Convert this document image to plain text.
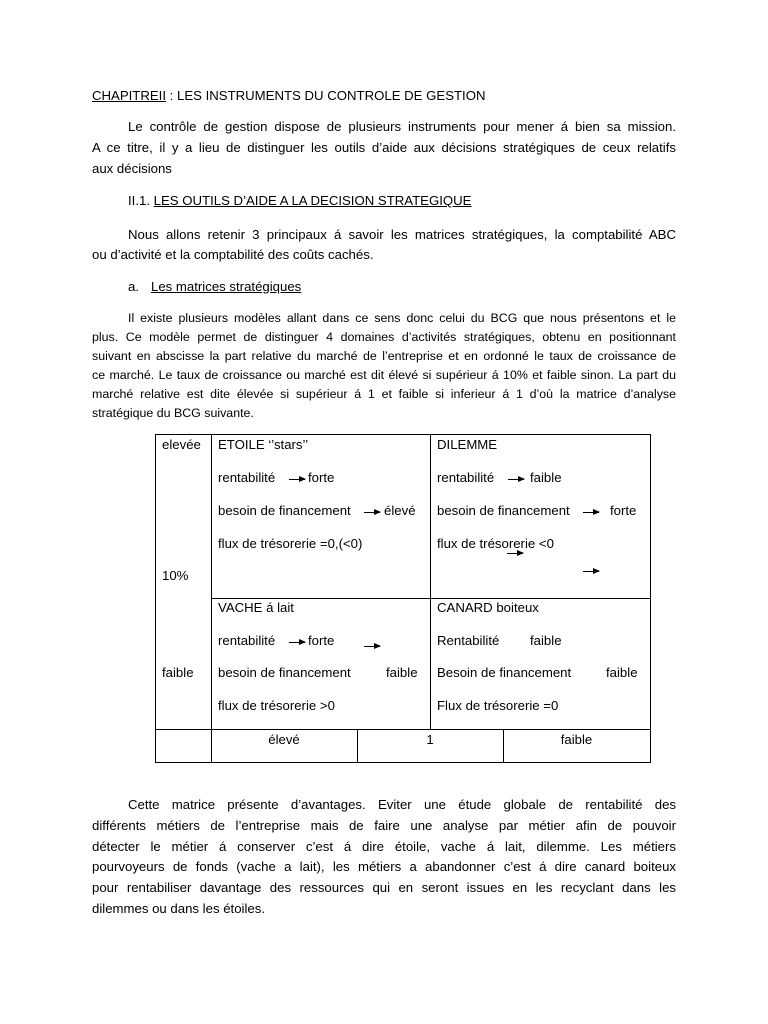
CHAPITREII : LES INSTRUMENTS DU CONTROLE DE GESTION
Le contrôle de gestion dispose de plusieurs instruments pour mener á bien sa mission.
A ce titre, il y a lieu de distinguer les outils d’aide aux décisions stratégiques de ceux relatifs
aux décisions
II.1. LES OUTILS D’AIDE A LA DECISION STRATEGIQUE
Nous allons retenir 3 principaux á savoir les matrices stratégiques, la comptabilité ABC
ou d’activité et la comptabilité des coûts cachés.
a. Les matrices stratégiques
Il existe plusieurs modèles allant dans ce sens donc celui du BCG que nous présentons et le
plus. Ce modèle permet de distinguer 4 domaines d’activités stratégiques, obtenu en positionnant
suivant en abscisse la part relative du marché de l’entreprise et en ordonné le taux de croissance de
ce marché. Le taux de croissance ou marché est dit élevé si supérieur á 10% et faible sinon. La part du
marché relative est dite élevée si supérieur á 1 et faible si inferieur á 1 d’où la matrice d’analyse
stratégique du BCG suivante.
elevée
10%
faible
ETOILE ‘’stars’’
rentabilité forte
besoin de financement	élevé
flux de trésorerie =0,(<0)
DILEMME
rentabilité	faible
besoin de financement	forte
flux de trésorerie <0
VACHE á lait
rentabilité forte
besoin de financement	faible
flux de trésorerie >0
CANARD boiteux
Rentabilité faible
Besoin de financement	faible
Flux de trésorerie =0
élevé	1	faible
Cette matrice présente d’avantages. Eviter une étude globale de rentabilité des
différents métiers de l’entreprise mais de faire une analyse par métier afin de pouvoir
détecter le métier á conserver c’est á dire étoile, vache á lait, dilemme. Les métiers
pourvoyeurs de fonds (vache a lait), les métiers a abandonner c’est á dire canard boiteux
pour rentabiliser davantage des ressources qui en seront issues en les recyclant dans les
dilemmes ou dans les étoiles.
